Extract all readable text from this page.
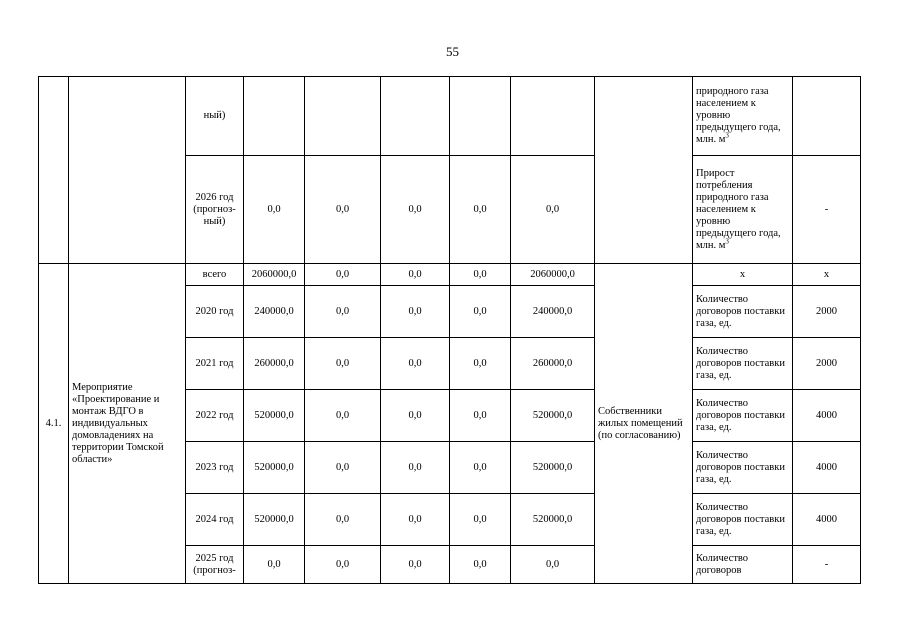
55
		ный)							природного газа населением к уровню предыдущего года, млн. $м^3$	
		2026 год (прогноз-ный)	0,0	0,0	0,0	0,0	0,0		Прирост потребления природного газа населением к уровню предыдущего года, млн. $м^3$	-
4.1.	Мероприятие «Проектирование и монтаж ВДГО в индивидуальных домовладениях на территории Томской области»	всего	2060000,0	0,0	0,0	0,0	2060000,0	Собственники жилых помещений (по согласованию)	х	х
		2020 год	240000,0	0,0	0,0	0,0	240000,0		Количество договоров поставки газа, ед.	2000
		2021 год	260000,0	0,0	0,0	0,0	260000,0		Количество договоров поставки газа, ед.	2000
		2022 год	520000,0	0,0	0,0	0,0	520000,0		Количество договоров поставки газа, ед.	4000
		2023 год	520000,0	0,0	0,0	0,0	520000,0		Количество договоров поставки газа, ед.	4000
		2024 год	520000,0	0,0	0,0	0,0	520000,0		Количество договоров поставки газа, ед.	4000
		2025 год (прогноз-	0,0	0,0	0,0	0,0	0,0		Количество договоров	-
